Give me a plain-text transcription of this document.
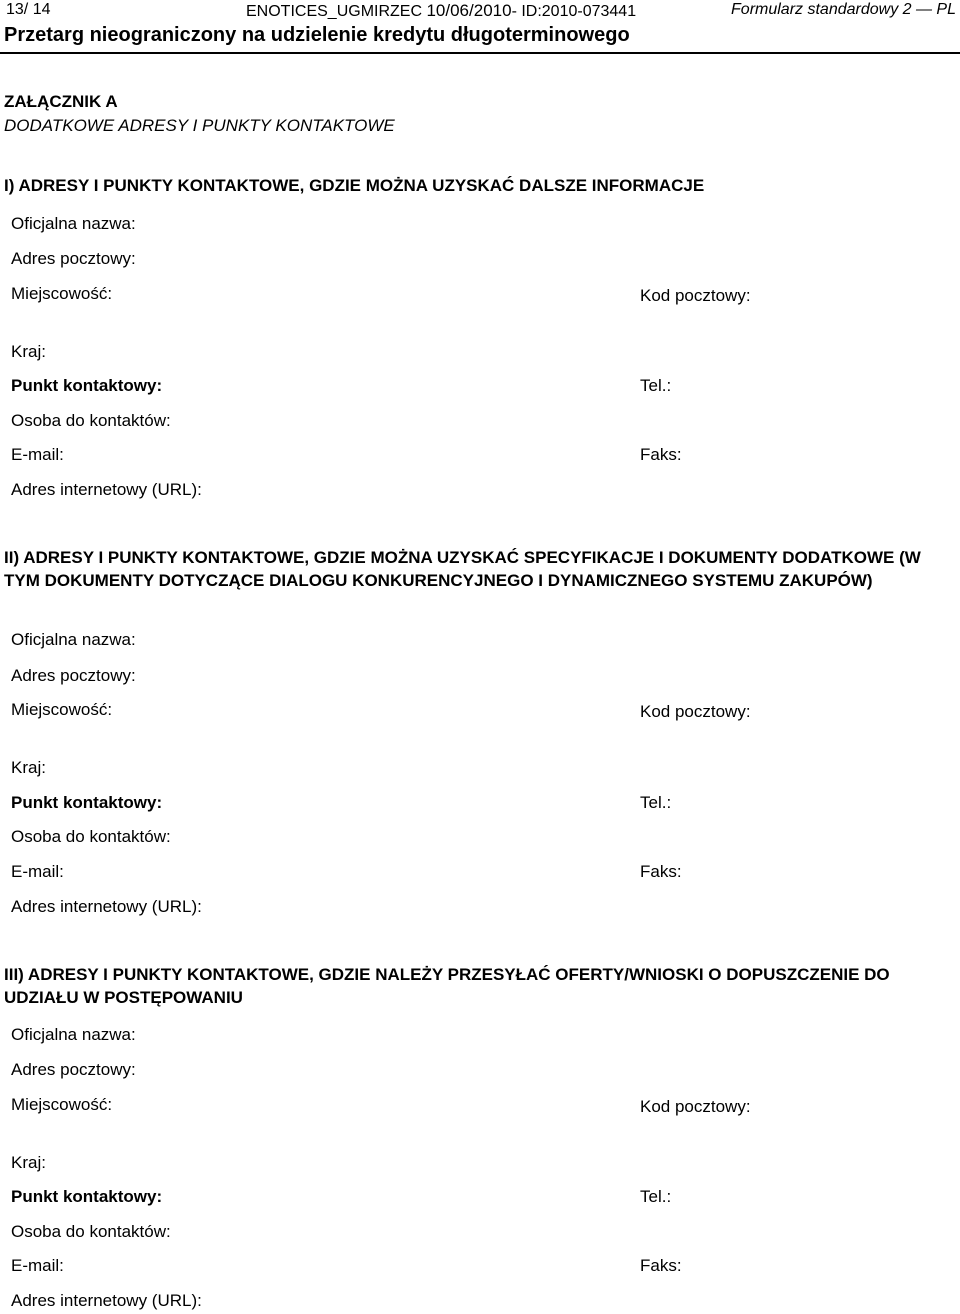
13/ 14	ENOTICES_UGMIRZEC 10/06/2010- ID:2010-073441	Formularz standardowy 2 — PL
Przetarg nieograniczony na udzielenie kredytu długoterminowego
ZAŁĄCZNIK A
DODATKOWE ADRESY I PUNKTY KONTAKTOWE
I) ADRESY I PUNKTY KONTAKTOWE, GDZIE MOŻNA UZYSKAĆ DALSZE INFORMACJE
Oficjalna nazwa:
Adres pocztowy:
Miejscowość:	Kod pocztowy:
Kraj:
Punkt kontaktowy:	Tel.:
Osoba do kontaktów:
E-mail:	Faks:
Adres internetowy (URL):
II) ADRESY I PUNKTY KONTAKTOWE, GDZIE MOŻNA UZYSKAĆ SPECYFIKACJE I DOKUMENTY DODATKOWE (W TYM DOKUMENTY DOTYCZĄCE DIALOGU KONKURENCYJNEGO I DYNAMICZNEGO SYSTEMU ZAKUPÓW)
Oficjalna nazwa:
Adres pocztowy:
Miejscowość:	Kod pocztowy:
Kraj:
Punkt kontaktowy:	Tel.:
Osoba do kontaktów:
E-mail:	Faks:
Adres internetowy (URL):
III) ADRESY I PUNKTY KONTAKTOWE, GDZIE NALEŻY PRZESYŁAĆ OFERTY/WNIOSKI O DOPUSZCZENIE DO UDZIAŁU W POSTĘPOWANIU
Oficjalna nazwa:
Adres pocztowy:
Miejscowość:	Kod pocztowy:
Kraj:
Punkt kontaktowy:	Tel.:
Osoba do kontaktów:
E-mail:	Faks:
Adres internetowy (URL):
